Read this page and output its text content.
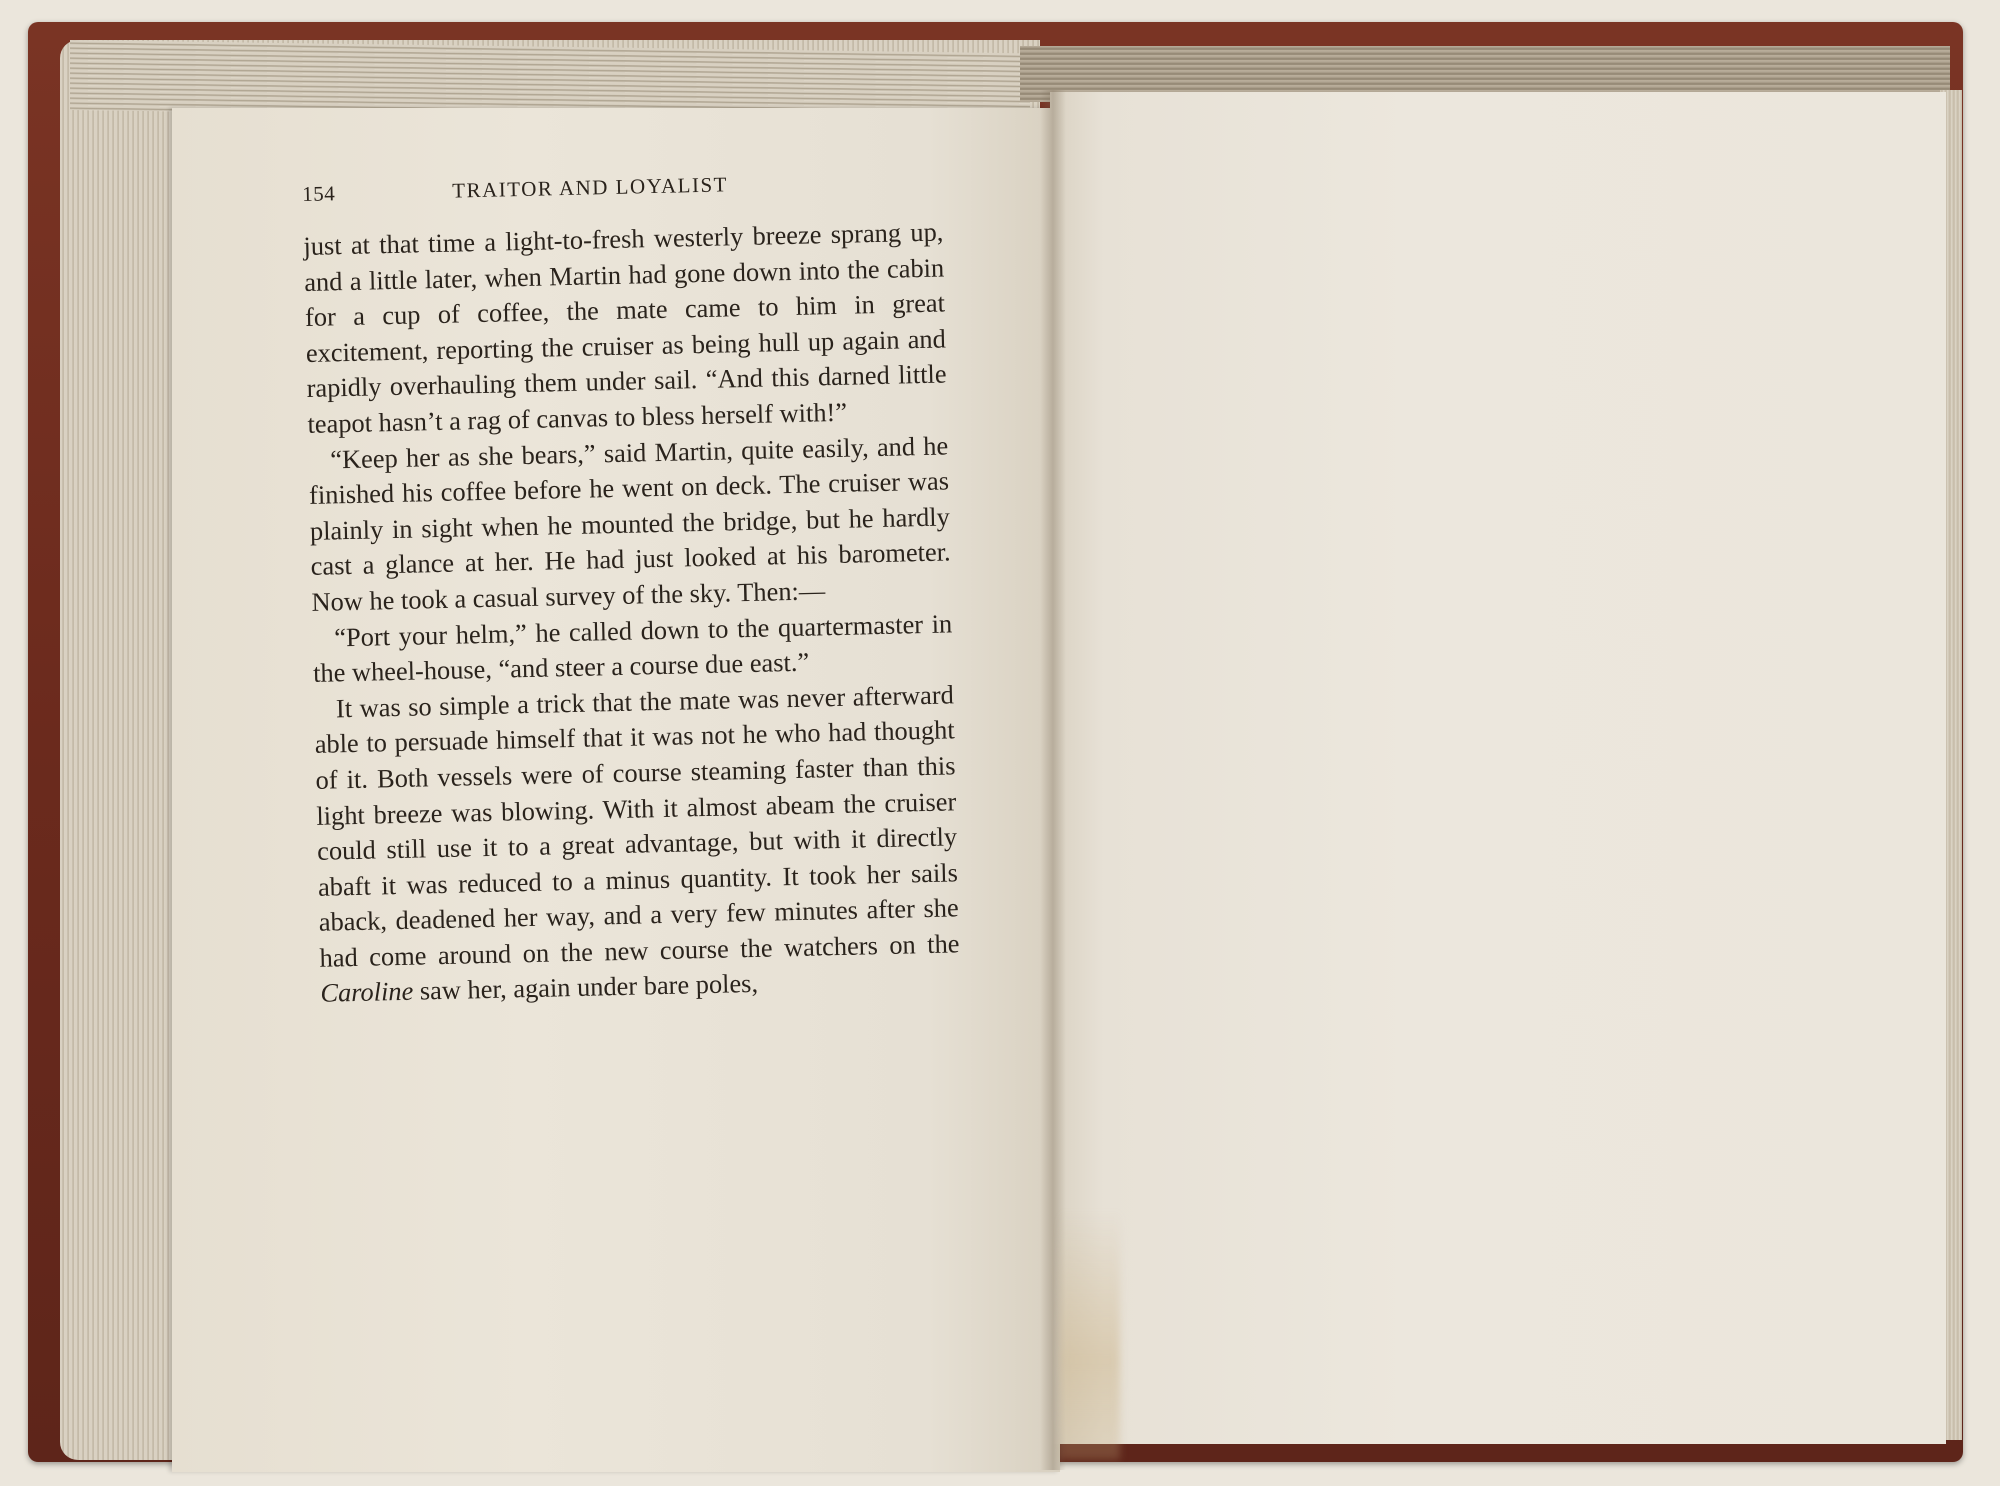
154	TRAITOR AND LOYALIST

just at that time a light-to-fresh westerly breeze sprang up, and a little later, when Martin had gone down into the cabin for a cup of coffee, the mate came to him in great excitement, reporting the cruiser as being hull up again and rapidly overhauling them under sail. “And this darned little teapot hasn’t a rag of canvas to bless herself with!”

“Keep her as she bears,” said Martin, quite easily, and he finished his coffee before he went on deck. The cruiser was plainly in sight when he mounted the bridge, but he hardly cast a glance at her. He had just looked at his barometer. Now he took a casual survey of the sky. Then:—

“Port your helm,” he called down to the quartermaster in the wheel-house, “and steer a course due east.”

It was so simple a trick that the mate was never afterward able to persuade himself that it was not he who had thought of it. Both vessels were of course steaming faster than this light breeze was blowing. With it almost abeam the cruiser could still use it to a great advantage, but with it directly abaft it was reduced to a minus quantity. It took her sails aback, deadened her way, and a very few minutes after she had come around on the new course the watchers on the Caroline saw her, again under bare poles,
